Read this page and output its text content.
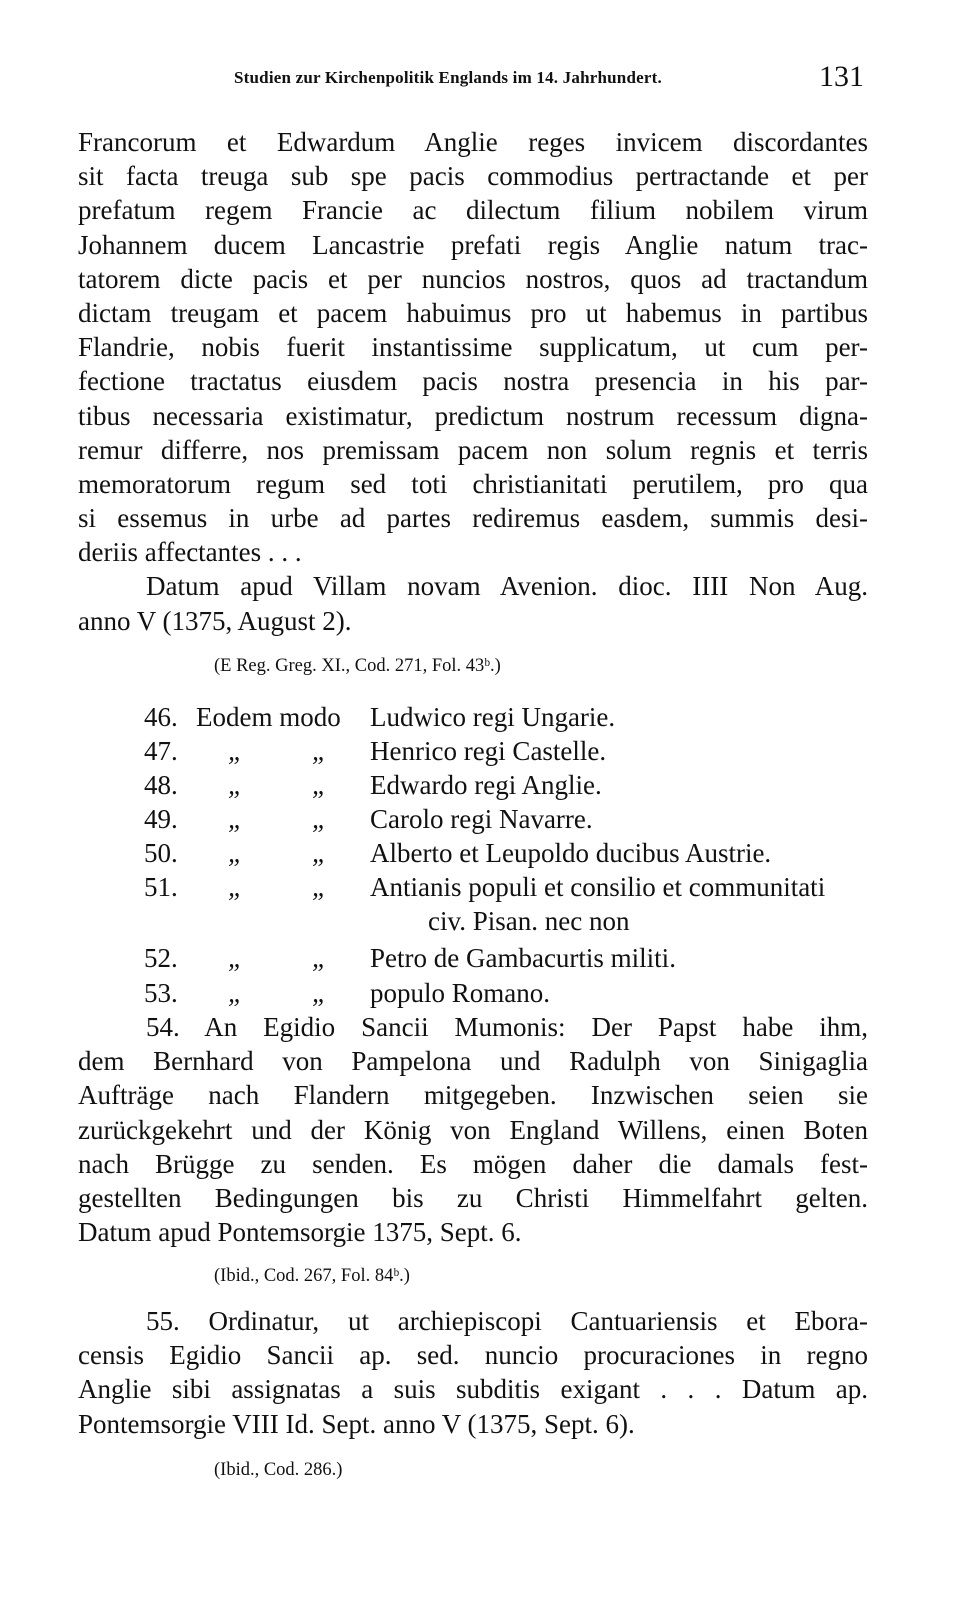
Studien zur Kirchenpolitik Englands im 14. Jahrhundert.	131
Francorum et Edwardum Anglie reges invicem discordantes
sit facta treuga sub spe pacis commodius pertractande et per
prefatum regem Francie ac dilectum filium nobilem virum
Johannem ducem Lancastrie prefati regis Anglie natum trac-
tatorem dicte pacis et per nuncios nostros, quos ad tractandum
dictam treugam et pacem habuimus pro ut habemus in partibus
Flandrie, nobis fuerit instantissime supplicatum, ut cum per-
fectione tractatus eiusdem pacis nostra presencia in his par-
tibus necessaria existimatur, predictum nostrum recessum digna-
remur differre, nos premissam pacem non solum regnis et terris
memoratorum regum sed toti christianitati perutilem, pro qua
si essemus in urbe ad partes rediremus easdem, summis desi-
deriis affectantes . . .
Datum apud Villam novam Avenion. dioc. IIII Non Aug.
anno V (1375, August 2).
(E Reg. Greg. XI., Cod. 271, Fol. 43ᵇ.)
46. Eodem modo Ludwico regi Ungarie.
47. „	„ Henrico regi Castelle.
48. „	„ Edwardo regi Anglie.
49. „	„ Carolo regi Navarre.
50. „	„ Alberto et Leupoldo ducibus Austrie.
51. „	„ Antianis populi et consilio et communitati
civ. Pisan. nec non
52. „	„ Petro de Gambacurtis militi.
53. „	„ populo Romano.
54. An Egidio Sancii Mumonis: Der Papst habe ihm,
dem Bernhard von Pampelona und Radulph von Sinigaglia
Aufträge nach Flandern mitgegeben. Inzwischen seien sie
zurückgekehrt und der König von England Willens, einen Boten
nach Brügge zu senden. Es mögen daher die damals fest-
gestellten Bedingungen bis zu Christi Himmelfahrt gelten.
Datum apud Pontemsorgie 1375, Sept. 6.
(Ibid., Cod. 267, Fol. 84ᵇ.)
55. Ordinatur, ut archiepiscopi Cantuariensis et Ebora-
censis Egidio Sancii ap. sed. nuncio procuraciones in regno
Anglie sibi assignatas a suis subditis exigant . . . Datum ap.
Pontemsorgie VIII Id. Sept. anno V (1375, Sept. 6).
(Ibid., Cod. 286.)
